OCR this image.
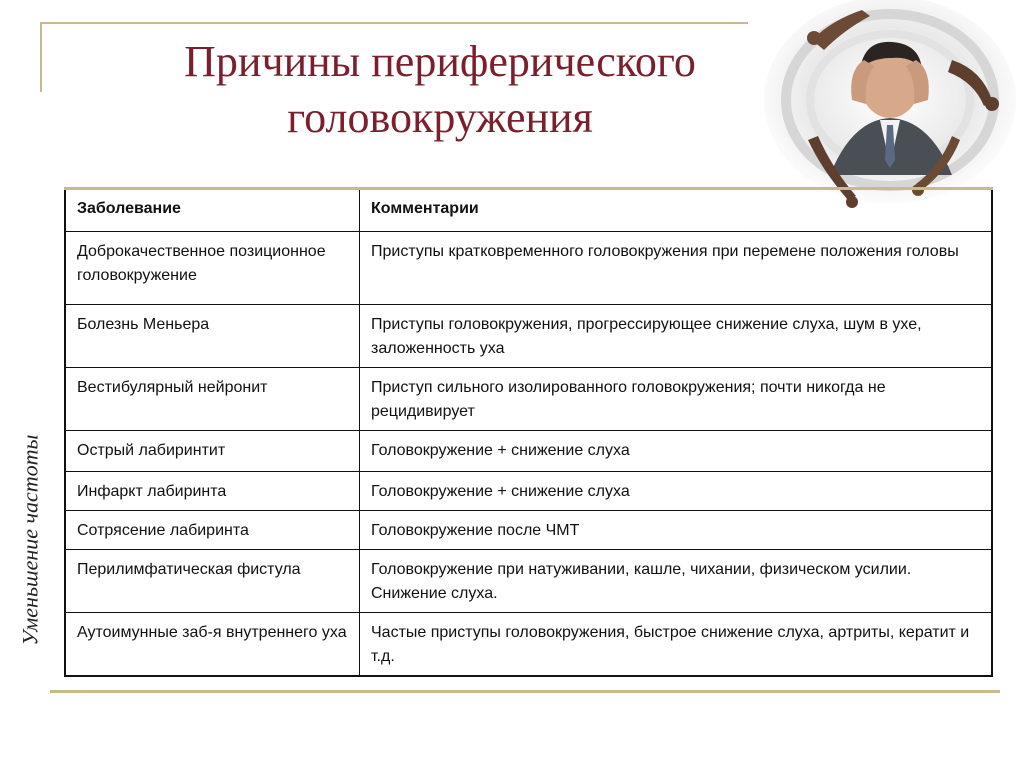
Причины периферического
головокружения
Уменьшение частоты
Заболевание	Комментарии
Доброкачественное позиционное головокружение	Приступы кратковременного головокружения при перемене положения головы
Болезнь Меньера	Приступы головокружения, прогрессирующее снижение слуха, шум в ухе, заложенность уха
Вестибулярный нейронит	Приступ сильного изолированного головокружения; почти никогда не рецидивирует
Острый лабиринтит	Головокружение + снижение слуха
Инфаркт лабиринта	Головокружение + снижение слуха
Сотрясение лабиринта	Головокружение после ЧМТ
Перилимфатическая фистула	Головокружение при натуживании, кашле, чихании, физическом усилии. Снижение слуха.
Аутоимунные заб-я внутреннего уха	Частые приступы головокружения, быстрое снижение слуха, артриты, кератит и т.д.
